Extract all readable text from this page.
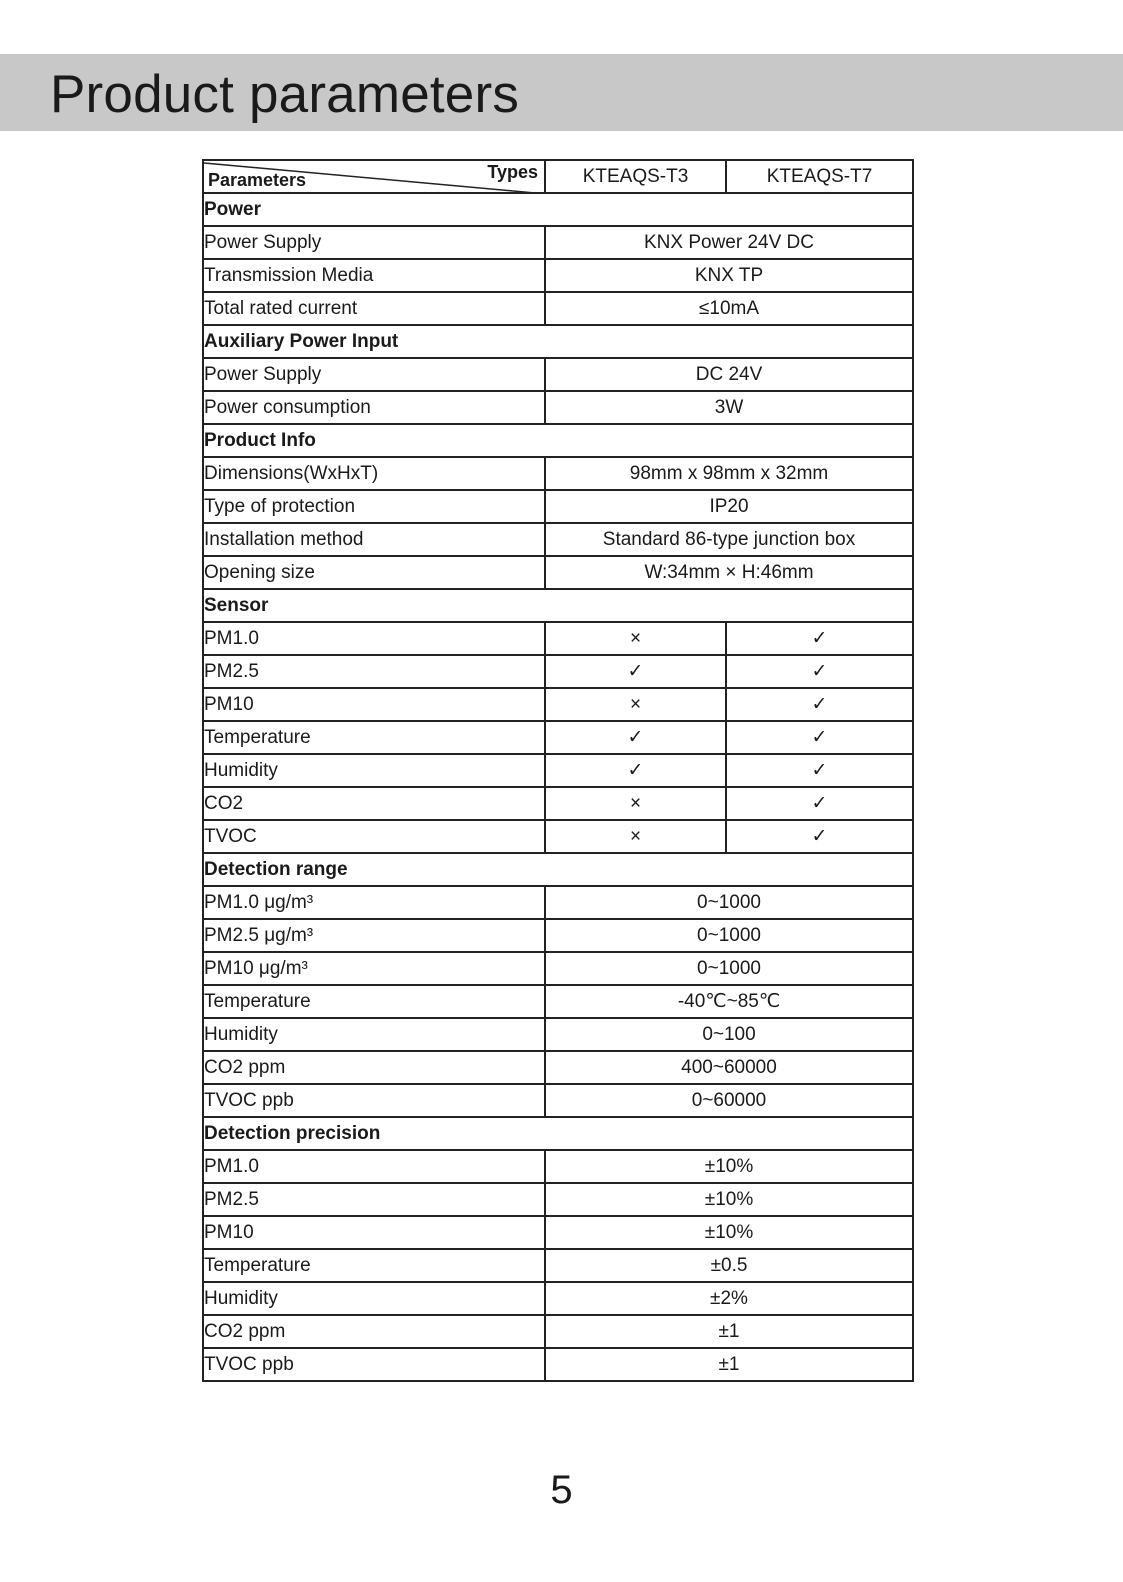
Product parameters
Types
Parameters	KTEAQS-T3	KTEAQS-T7
Power		
Power Supply	KNX Power 24V DC	
Transmission Media	KNX TP	
Total rated current	≤10mA	
Auxiliary Power Input		
Power Supply	DC 24V	
Power consumption	3W	
Product Info		
Dimensions(WxHxT)	98mm x 98mm x 32mm	
Type of protection	IP20	
Installation method	Standard 86-type junction box	
Opening size	W:34mm × H:46mm	
Sensor		
PM1.0	×	✓
PM2.5	✓	✓
PM10	×	✓
Temperature	✓	✓
Humidity	✓	✓
CO2	×	✓
TVOC	×	✓
Detection range		
PM1.0 μg/m³	0~1000	
PM2.5 μg/m³	0~1000	
PM10 μg/m³	0~1000	
Temperature	-40℃~85℃	
Humidity	0~100	
CO2 ppm	400~60000	
TVOC ppb	0~60000	
Detection precision		
PM1.0	±10%	
PM2.5	±10%	
PM10	±10%	
Temperature	±0.5	
Humidity	±2%	
CO2 ppm	±1	
TVOC ppb	±1	
5
